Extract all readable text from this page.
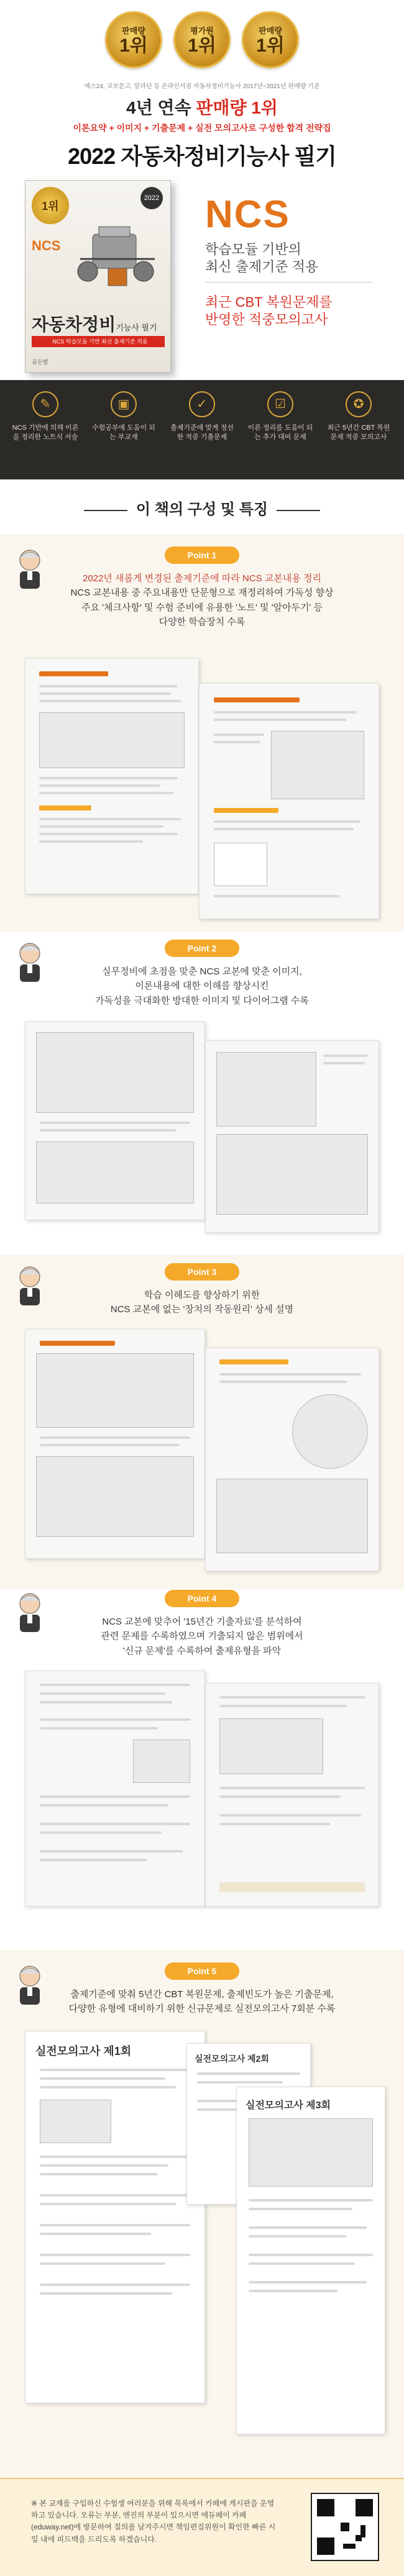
판매량
1위
평가원
1위
판매량
1위
예스24, 교보문고, 알라딘 등 온라인서점 자동차정비기능사 2017년~2021년 판매량 기준
4년 연속 판매량 1위
이론요약 + 이미지 + 기출문제 + 실전 모의고사로 구성한 합격 전략집
2022 자동차정비기능사 필기
1위
2022
NCS
자동차정비기능사 필기
NCS 학습모듈 기반 최신 출제기준 적용
골든벨
NCS
학습모듈 기반의
최신 출제기준 적용
최근 CBT 복원문제를
반영한 적중모의고사
✎
NCS 기반에 의해 이론을 정리한 노트식 서술
▣
수험공부에 도움이 되는 부교재
✓
출제기준에 맞게 정선한 적중 기출문제
☑
이론 정리를 도움이 되는 추가 대비 문제
✪
최근 5년간 CBT 복원문제 적중 모의고사
이 책의 구성 및 특징
Point 1
2022년 새롭게 변경된 출제기준에 따라 NCS 교본내용 정리
NCS 교본내용 중 주요내용만 단문형으로 재정리하여 가독성 향상
주요 '체크사항' 및 수험 준비에 유용한 '노트' 및 '알아두기' 등
다양한 학습장치 수록
Point 2
실무정비에 초점을 맞춘 NCS 교본에 맞춘 이미지,
이론내용에 대한 이해를 향상시킨
가독성을 극대화한 방대한 이미지 및 다이어그램 수록
Point 3
학습 이해도를 향상하기 위한
NCS 교본에 없는 '장치의 작동원리' 상세 설명
Point 4
NCS 교본에 맞추어 '15년간 기출자료'를 분석하여
관련 문제를 수록하였으며 기출되지 않은 범위에서
'신규 문제'를 수록하여 출제유형을 파악
Point 5
출제기준에 맞춰 5년간 CBT 복원문제, 출제빈도가 높은 기출문제,
다양한 유형에 대비하기 위한 신규문제로 실전모의고사 7회분 수록
실전모의고사 제1회
실전모의고사 제2회
실전모의고사 제3회
※ 본 교재를 구입하신 수험생 여러분을 위해 목록에서 카페에 게시판을 운영하고 있습니다. 오류는 부분, 엔진의 부분이 있으시면 에듀페이 카페(eduway.net)에 방문하여 질의를 남겨주시면 책임편집위원이 확인한 빠른 시일 내에 피드백을 드리도록 하겠습니다.
